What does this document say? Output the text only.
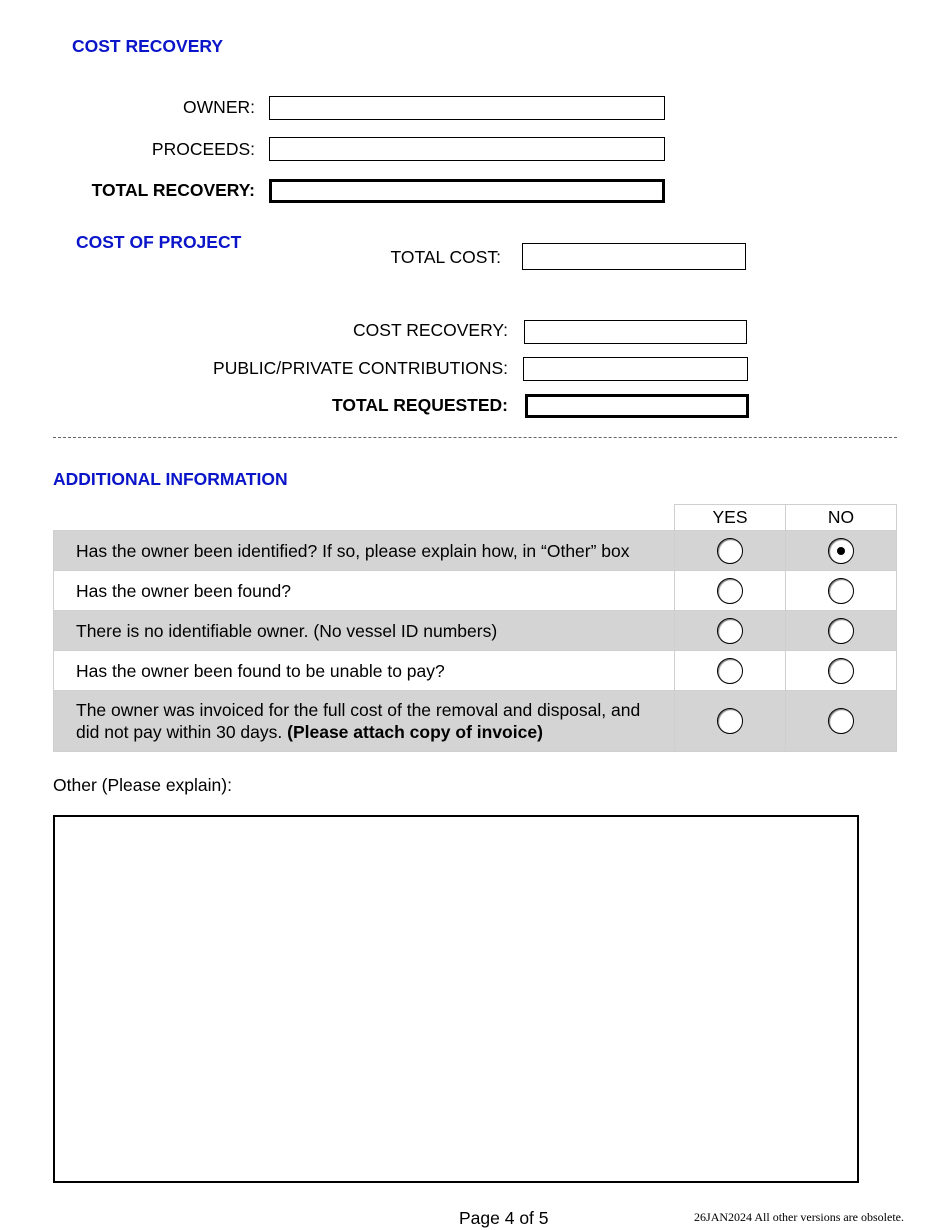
COST RECOVERY
OWNER:
PROCEEDS:
TOTAL RECOVERY:
COST OF PROJECT
TOTAL COST:
COST RECOVERY:
PUBLIC/PRIVATE CONTRIBUTIONS:
TOTAL REQUESTED:
ADDITIONAL INFORMATION
	YES	NO
Has the owner been identified? If so, please explain how, in “Other” box		
Has the owner been found?		
There is no identifiable owner. (No vessel ID numbers)		
Has the owner been found to be unable to pay?		
The owner was invoiced for the full cost of the removal and disposal, and did not pay within 30 days. (Please attach copy of invoice)		
Other (Please explain):
Page 4 of 5	26JAN2024 All other versions are obsolete.
